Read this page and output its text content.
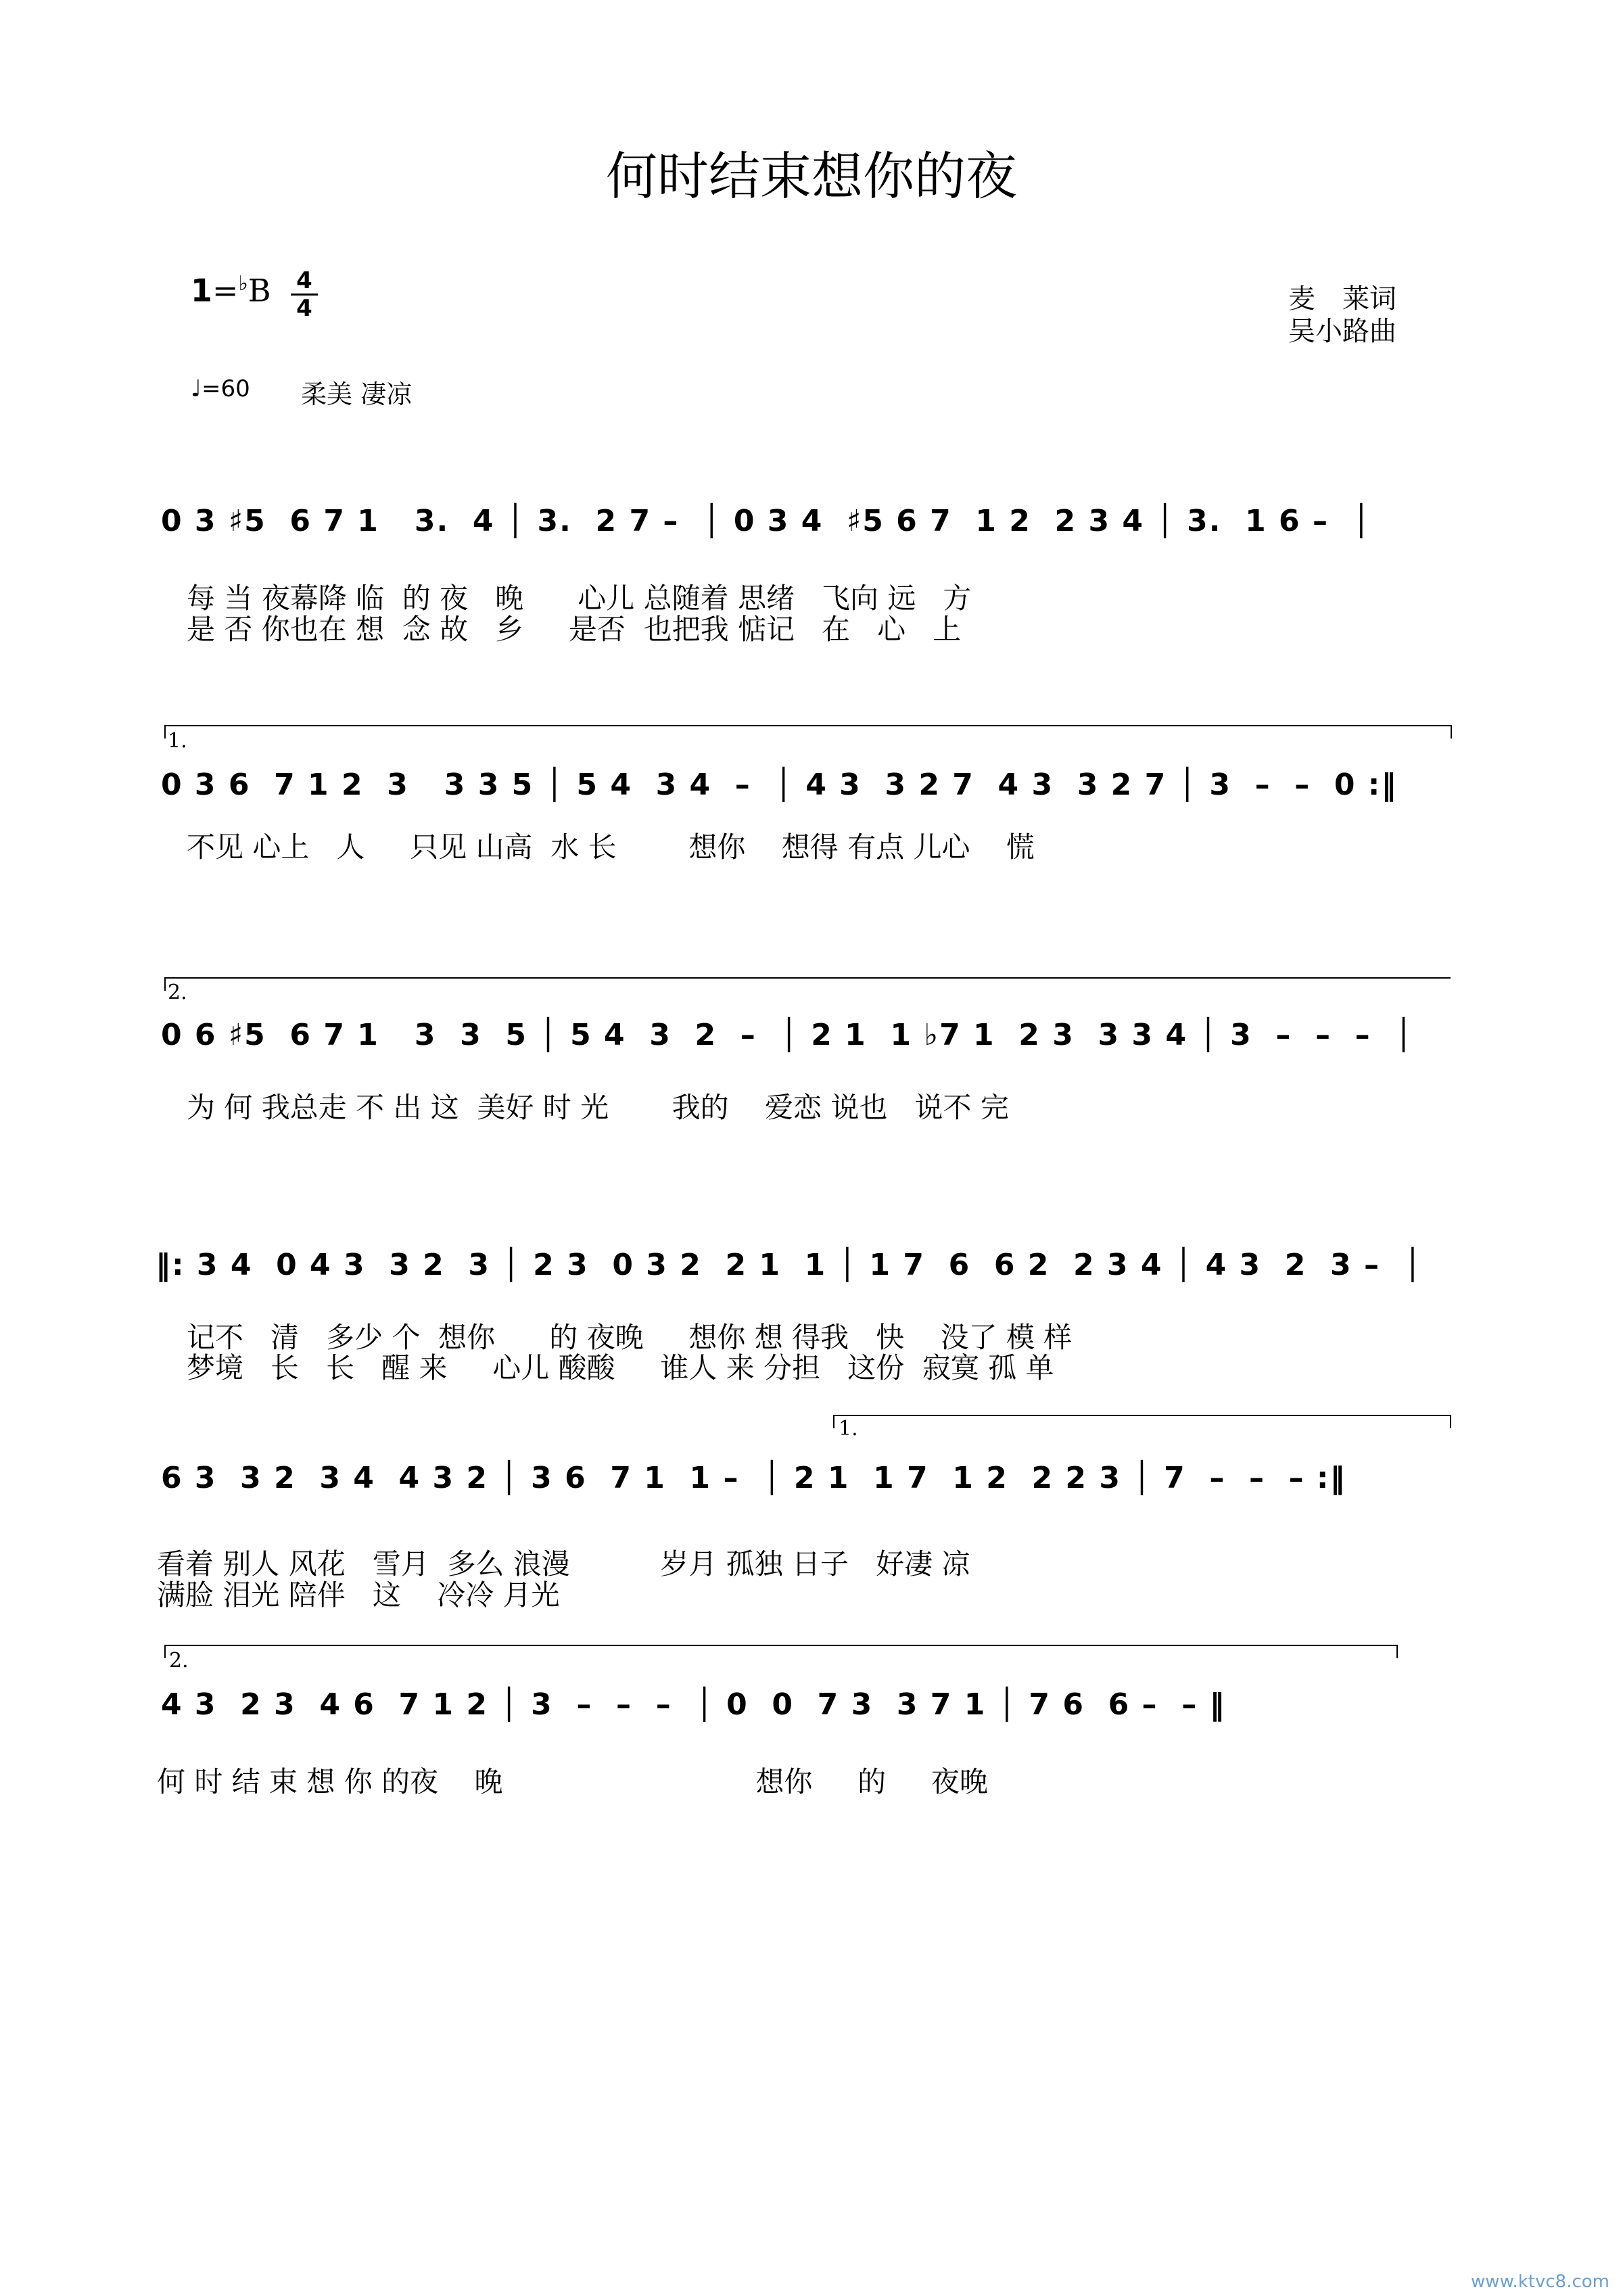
何时结束想你的夜
1=♭B 4
4	麦　莱词
吴小路曲
♩=60 柔美 凄凉
0 3 ♯5  6 7 1   3.  4 │ 3.  2 7 –  │ 0 3 4  ♯5 6 7  1 2  2 3 4 │ 3.  1 6 –  │
每 当 夜幕降 临  的 夜   晚      心儿 总随着 思绪   飞向 远   方
是 否 你也在 想  念 故   乡     是否  也把我 惦记   在   心   上
1.
0 3 6  7 1 2  3   3 3 5 │ 5 4  3 4  –  │ 4 3  3 2 7  4 3  3 2 7 │ 3  –  –  0 :‖
不见 心上   人     只见 山高  水 长        想你    想得 有点 儿心    慌
2.
0 6 ♯5  6 7 1   3  3  5 │ 5 4  3  2  –  │ 2 1  1 ♭7 1  2 3  3 3 4 │ 3  –  –  –  │
为 何 我总走 不 出 这  美好 时 光       我的    爱恋 说也   说不 完
‖: 3 4  0 4 3  3 2  3 │ 2 3  0 3 2  2 1  1 │ 1 7  6  6 2  2 3 4 │ 4 3  2  3 –  │
记不   清   多少 个  想你      的 夜晚     想你 想 得我   快    没了 模 样
梦境   长   长   醒 来     心儿 酸酸     谁人 来 分担   这份  寂寞 孤 单
1.
6 3  3 2  3 4  4 3 2 │ 3 6  7 1  1 –  │ 2 1  1 7  1 2  2 2 3 │ 7  –  –  – :‖
看着 别人 风花   雪月  多么 浪漫          岁月 孤独 日子   好凄 凉
满脸 泪光 陪伴   这    冷冷 月光
2.
4 3  2 3  4 6  7 1 2 │ 3  –  –  –  │ 0  0  7 3  3 7 1 │ 7 6  6 –  – ‖
何 时 结 束 想 你 的夜    晚                            想你     的     夜晚
www.ktvc8.com
